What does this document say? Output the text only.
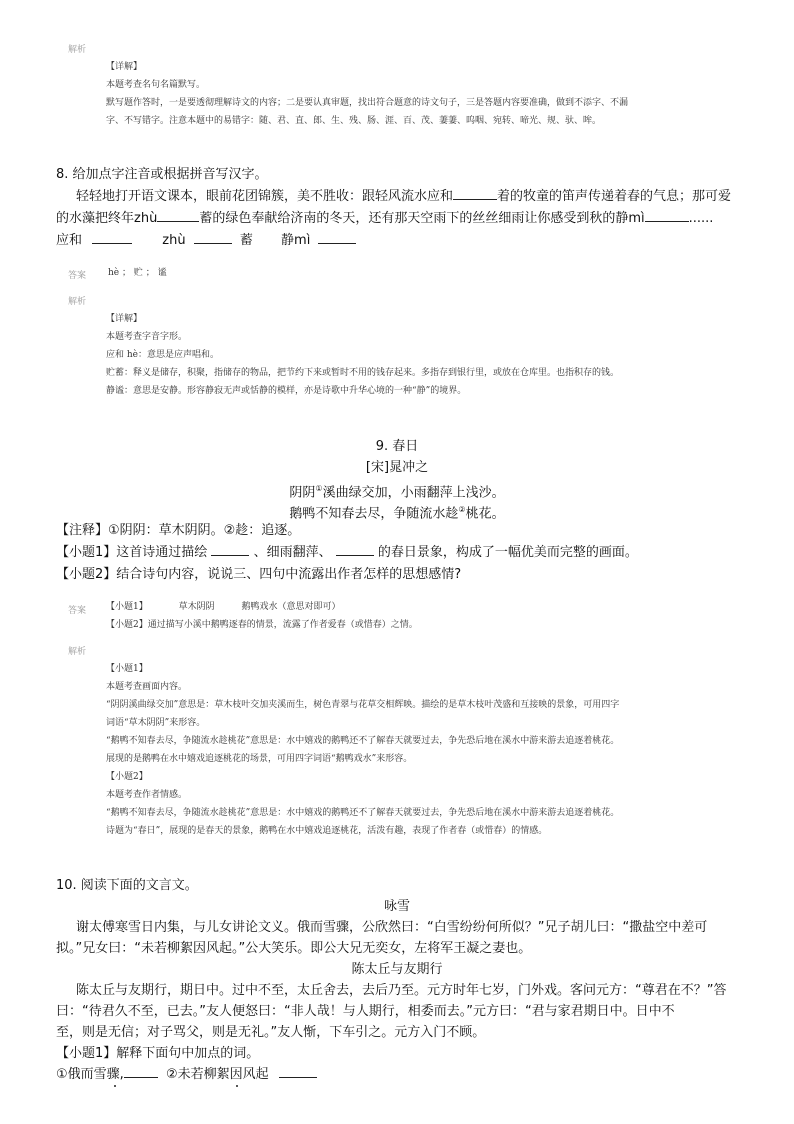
解析
【详解】
本题考查名句名篇默写。
默写题作答时，一是要透彻理解诗文的内容；二是要认真审题，找出符合题意的诗文句子，三是答题内容要准确，做到不添字、不漏
字、不写错字。注意本题中的易错字：随、君、直、郎、生、残、肠、涯、百、茂、萋萋、呜咽、宛转、啼光、规、驮、哞。
8. 给加点字注音或根据拼音写汉字。
轻轻地打开语文课本，眼前花团锦簇，美不胜收：跟轻风流水应和	着的牧童的笛声传递着春的气息；那可爱
的水藻把终年zhù	蓄的绿色奉献给济南的冬天，还有那天空雨下的丝丝细雨让你感受到秋的静mì	......
应和	zhù	蓄 静mì
答案 hè ； 贮 ； 谧
解析
【详解】
本题考查字音字形。
应和 hè：意思是应声唱和。
贮蓄：释义是储存，积聚，指储存的物品，把节约下来或暂时不用的钱存起来。多指存到银行里，或放在仓库里。也指积存的钱。
静谧：意思是安静。形容静寂无声或恬静的模样，亦是诗歌中升华心境的一种“静”的境界。
9. 春日
[宋]晁冲之
阴阴①溪曲绿交加，小雨翻萍上浅沙。
鹅鸭不知春去尽，争随流水趁②桃花。
【注释】①阴阴：草木阴阴。②趁：追逐。
【小题1】这首诗通过描绘	、细雨翻萍、	的春日景象，构成了一幅优美而完整的画面。
【小题2】结合诗句内容，说说三、四句中流露出作者怎样的思想感情?
答案 【小题1】	草木阴阴	鹅鸭戏水（意思对即可）
【小题2】通过描写小溪中鹅鸭逐春的情景，流露了作者爱春（或惜春）之情。
解析
【小题1】
本题考查画面内容。
“阴阴溪曲绿交加”意思是：草木枝叶交加夹溪而生，树色青翠与花草交相辉映。描绘的是草木枝叶茂盛和互接映的景象，可用四字
词语“草木阴阴”来形容。
“鹅鸭不知春去尽，争随流水趁桃花”意思是：水中嬉戏的鹅鸭还不了解春天就要过去，争先恐后地在溪水中游来游去追逐着桃花。
展现的是鹅鸭在水中嬉戏追逐桃花的场景，可用四字词语“鹅鸭戏水”来形容。
【小题2】
本题考查作者情感。
“鹅鸭不知春去尽，争随流水趁桃花”意思是：水中嬉戏的鹅鸭还不了解春天就要过去，争先恐后地在溪水中游来游去追逐着桃花。
诗题为“春日”，展现的是春天的景象，鹅鸭在水中嬉戏追逐桃花，活泼有趣，表现了作者春（或惜春）的情感。
10. 阅读下面的文言文。
咏雪
谢太傅寒雪日内集，与儿女讲论文义。俄而雪骤，公欣然曰：“白雪纷纷何所似？”兄子胡儿曰：“撒盐空中差可
拟。”兄女曰：“未若柳絮因风起。”公大笑乐。即公大兄无奕女，左将军王凝之妻也。
陈太丘与友期行
陈太丘与友期行，期日中。过中不至，太丘舍去，去后乃至。元方时年七岁，门外戏。客问元方：“尊君在不？”答
曰：“待君久不至，已去。”友人便怒曰：“非人哉！与人期行，相委而去。”元方曰：“君与家君期日中。日中不
至，则是无信；对子骂父，则是无礼。”友人惭，下车引之。元方入门不顾。
【小题1】解释下面句中加点的词。
①俄而雪骤,	②未若柳絮因风起
